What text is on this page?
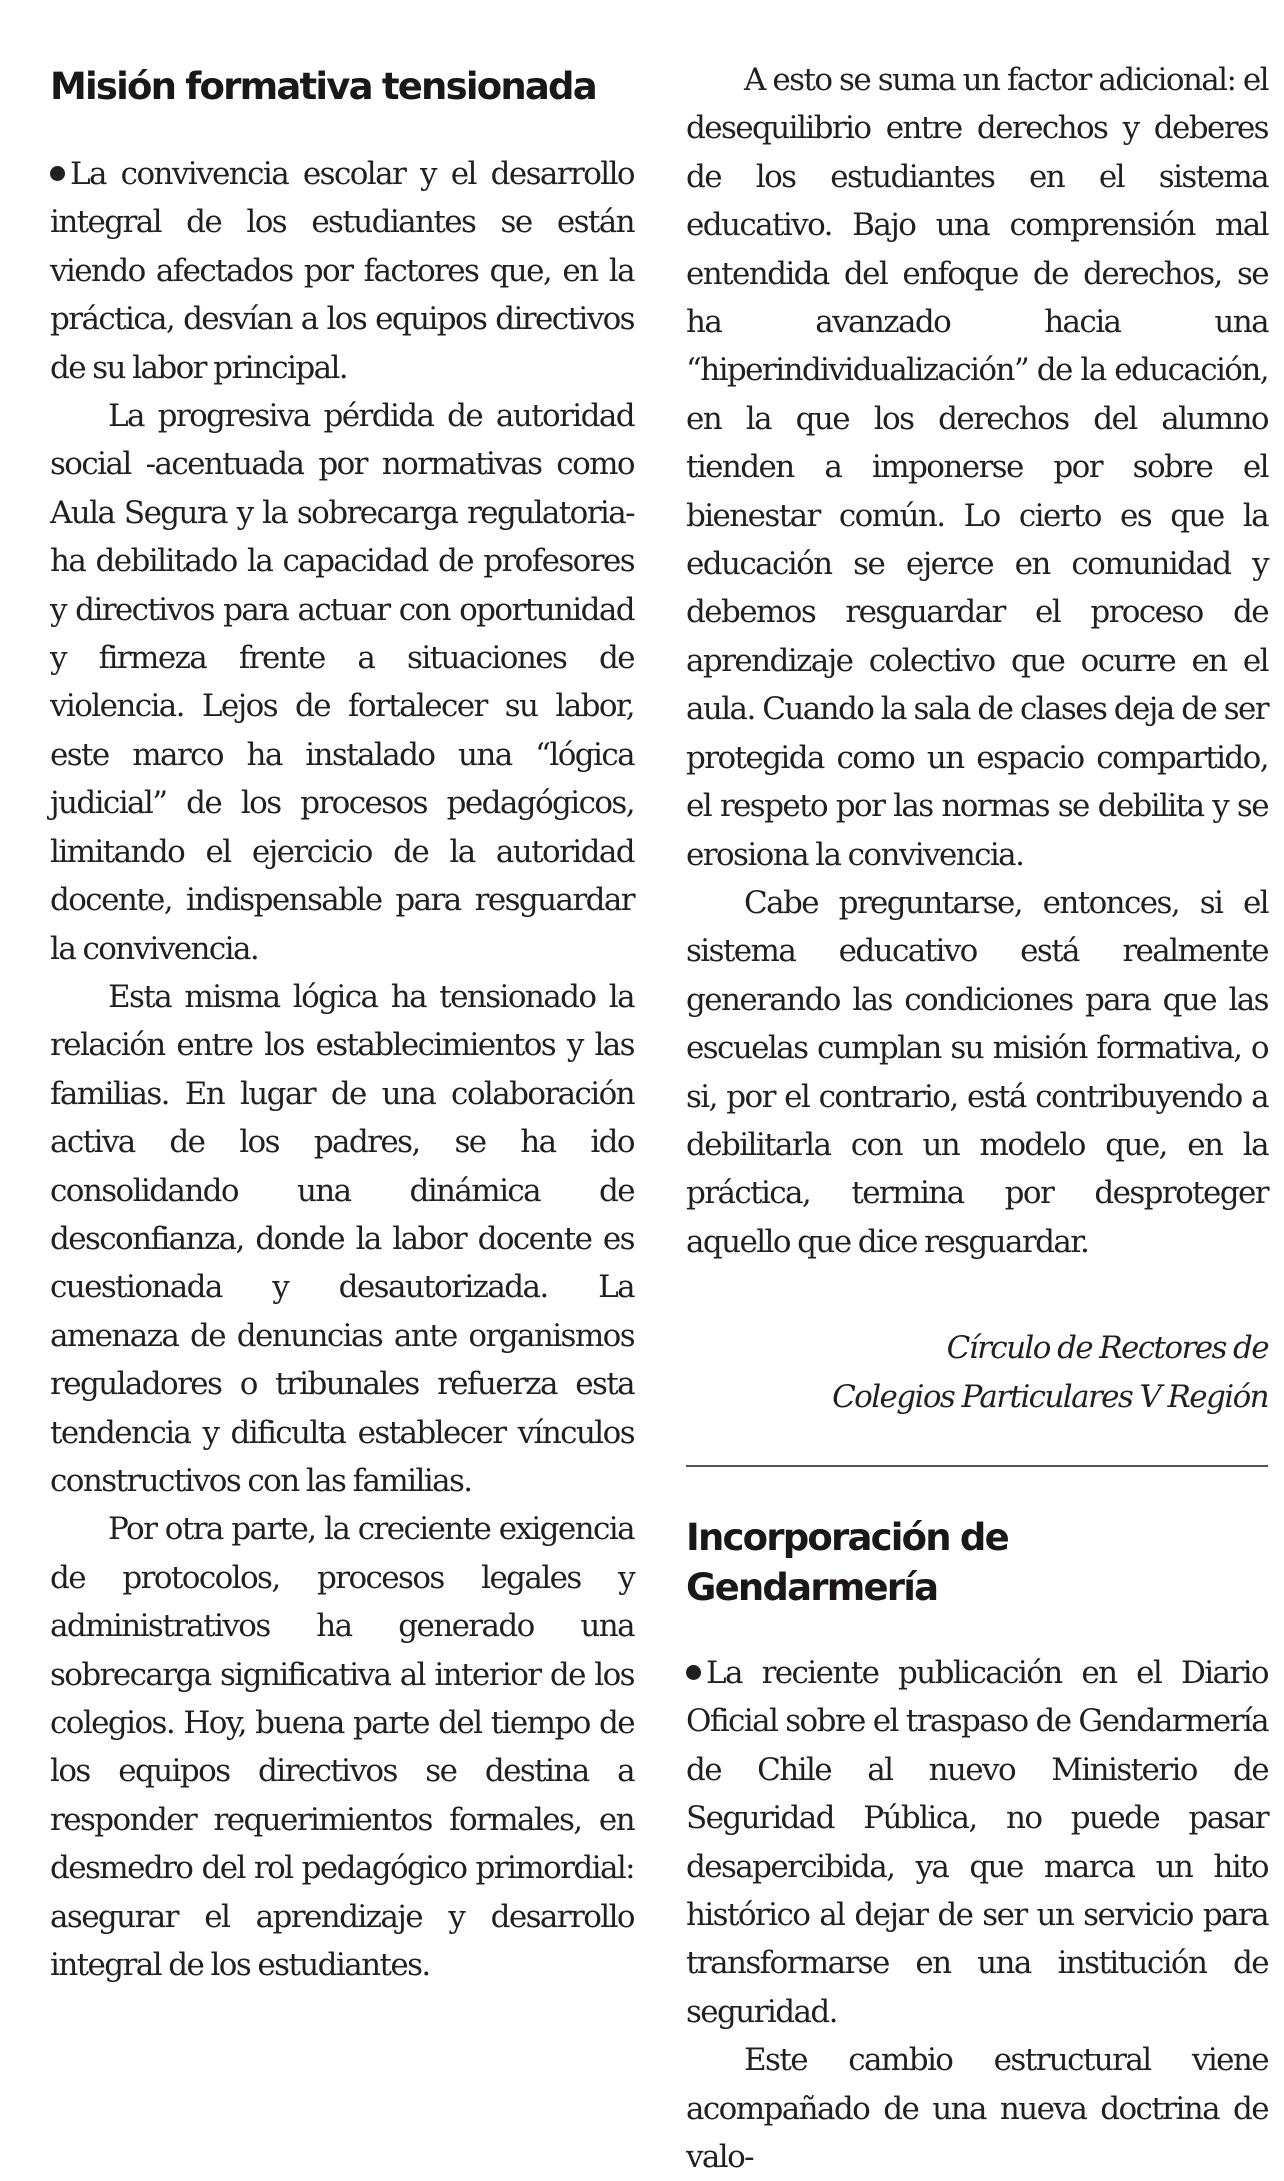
Misión formativa tensionada

La convivencia escolar y el desarrollo integral de los estudiantes se están viendo afectados por factores que, en la práctica, desvían a los equipos directivos de su labor principal.

La progresiva pérdida de autoridad social -acentuada por normativas como Aula Segura y la sobrecarga regulatoria- ha debilitado la capacidad de profesores y directivos para actuar con oportunidad y firmeza frente a situaciones de violencia. Lejos de fortalecer su labor, este marco ha instalado una “lógica judicial” de los procesos pedagógicos, limitando el ejercicio de la autoridad docente, indispensable para resguardar la convivencia.

Esta misma lógica ha tensionado la relación entre los establecimientos y las familias. En lugar de una colaboración activa de los padres, se ha ido consolidando una dinámica de desconfianza, donde la labor docente es cuestionada y desautorizada. La amenaza de denuncias ante organismos reguladores o tribunales refuerza esta tendencia y dificulta establecer vínculos constructivos con las familias.

Por otra parte, la creciente exigencia de protocolos, procesos legales y administrativos ha generado una sobrecarga significativa al interior de los colegios. Hoy, buena parte del tiempo de los equipos directivos se destina a responder requerimientos formales, en desmedro del rol pedagógico primordial: asegurar el aprendizaje y desarrollo integral de los estudiantes.

A esto se suma un factor adicional: el desequilibrio entre derechos y deberes de los estudiantes en el sistema educativo. Bajo una comprensión mal entendida del enfoque de derechos, se ha avanzado hacia una “hiperindividualización” de la educación, en la que los derechos del alumno tienden a imponerse por sobre el bienestar común. Lo cierto es que la educación se ejerce en comunidad y debemos resguardar el proceso de aprendizaje colectivo que ocurre en el aula. Cuando la sala de clases deja de ser protegida como un espacio compartido, el respeto por las normas se debilita y se erosiona la convivencia.

Cabe preguntarse, entonces, si el sistema educativo está realmente generando las condiciones para que las escuelas cumplan su misión formativa, o si, por el contrario, está contribuyendo a debilitarla con un modelo que, en la práctica, termina por desproteger aquello que dice resguardar.

Círculo de Rectores de
Colegios Particulares V Región
Incorporación de Gendarmería

La reciente publicación en el Diario Oficial sobre el traspaso de Gendarmería de Chile al nuevo Ministerio de Seguridad Pública, no puede pasar desapercibida, ya que marca un hito histórico al dejar de ser un servicio para transformarse en una institución de seguridad.

Este cambio estructural viene acompañado de una nueva doctrina de valo-
